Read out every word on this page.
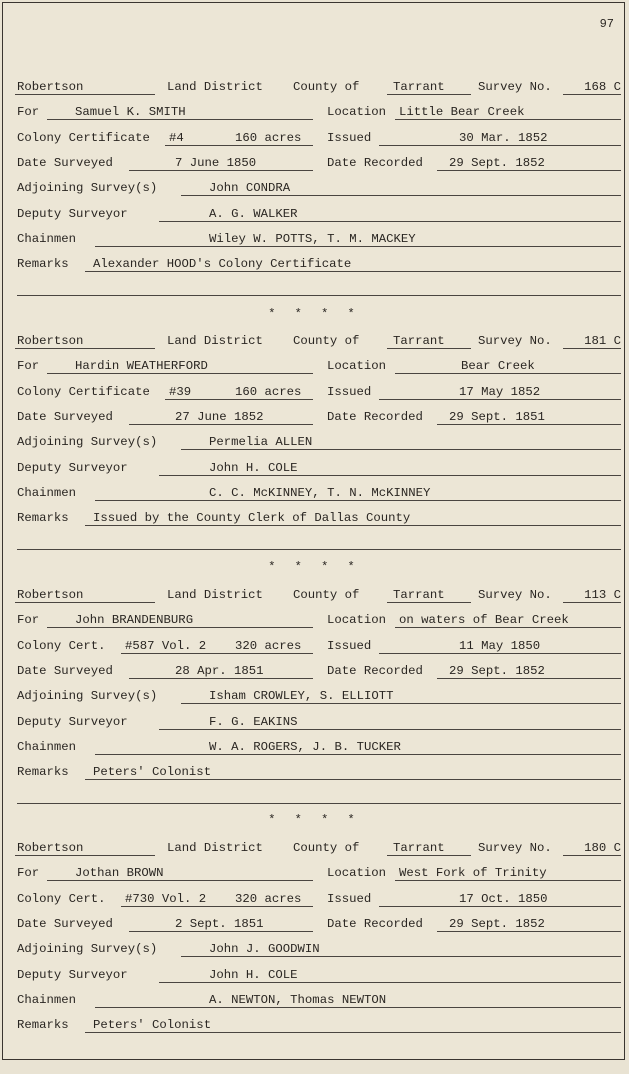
97
Robertson	Land District County of	Tarrant	Survey No.	168 C
For	Samuel K. SMITH	Location Little Bear Creek
Colony Certificate #4	160 acres Issued	30 Mar. 1852
Date Surveyed	7 June 1850	Date Recorded 29 Sept. 1852
Adjoining Survey(s)	John CONDRA
Deputy Surveyor	A. G. WALKER
Chainmen	Wiley W. POTTS, T. M. MACKEY
Remarks Alexander HOOD's Colony Certificate
* * * *
Robertson	Land District County of	Tarrant	Survey No.	181 C
For	Hardin WEATHERFORD	Location	Bear Creek
Colony Certificate #39	160 acres Issued	17 May 1852
Date Surveyed	27 June 1852	Date Recorded 29 Sept. 1851
Adjoining Survey(s)	Permelia ALLEN
Deputy Surveyor	John H. COLE
Chainmen	C. C. McKINNEY, T. N. McKINNEY
Remarks Issued by the County Clerk of Dallas County
* * * *
Robertson	Land District County of	Tarrant	Survey No.	113 C
For	John BRANDENBURG	Location on waters of Bear Creek
Colony Cert. #587 Vol. 2 320 acres Issued	11 May 1850
Date Surveyed	28 Apr. 1851	Date Recorded 29 Sept. 1852
Adjoining Survey(s)	Isham CROWLEY, S. ELLIOTT
Deputy Surveyor	F. G. EAKINS
Chainmen	W. A. ROGERS, J. B. TUCKER
Remarks Peters' Colonist
* * * *
Robertson	Land District County of	Tarrant	Survey No.	180 C
For	Jothan BROWN	Location West Fork of Trinity
Colony Cert. #730 Vol. 2 320 acres Issued	17 Oct. 1850
Date Surveyed	2 Sept. 1851	Date Recorded 29 Sept. 1852
Adjoining Survey(s)	John J. GOODWIN
Deputy Surveyor	John H. COLE
Chainmen	A. NEWTON, Thomas NEWTON
Remarks Peters' Colonist
